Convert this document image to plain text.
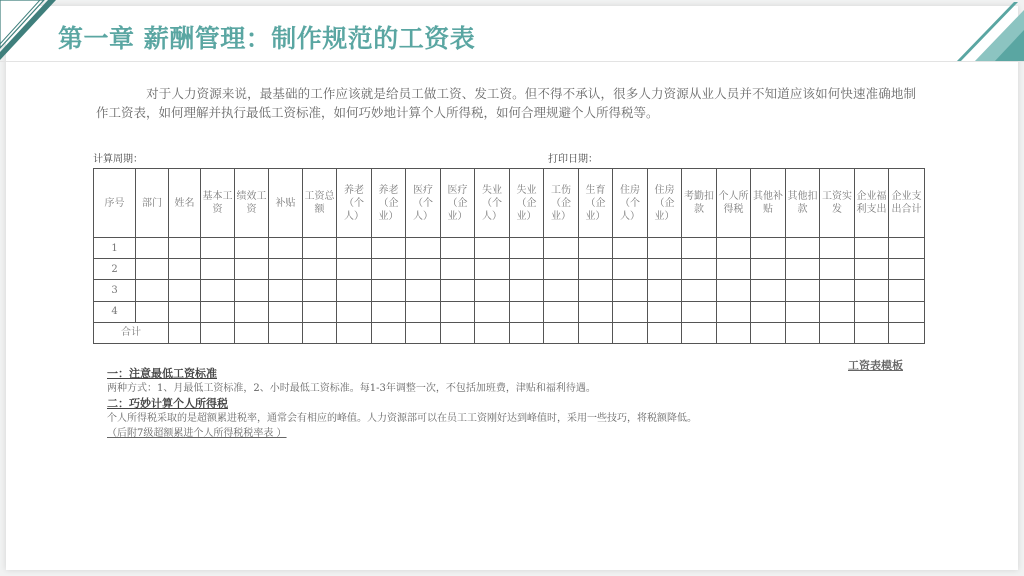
第一章 薪酬管理：制作规范的工资表
对于人力资源来说，最基础的工作应该就是给员工做工资、发工资。但不得不承认，很多人力资源从业人员并不知道应该如何快速准确地制作工资表，如何理解并执行最低工资标准，如何巧妙地计算个人所得税，如何合理规避个人所得税等。
计算周期：	打印日期：
序号	部门	姓名	基本工资	绩效工资	补贴	工资总额	养老（个人）	养老（企业）	医疗（个人）	医疗（企业）	失业（个人）	失业（企业）	工伤（企业）	生育（企业）	住房（个人）	住房（企业）	考勤扣款	个人所得税	其他补贴	其他扣款	工资实发	企业福利支出	企业支出合计
1																							
2																							
3																							
4																							
合计																							
工资表模板
一：注意最低工资标准
两种方式：1、月最低工资标准，2、小时最低工资标准。每1-3年调整一次，不包括加班费，津贴和福利待遇。
二：巧妙计算个人所得税
个人所得税采取的是超额累进税率，通常会有相应的峰值。人力资源部可以在员工工资刚好达到峰值时，采用一些技巧，将税额降低。
（后附7级超额累进个人所得税税率表 ）
